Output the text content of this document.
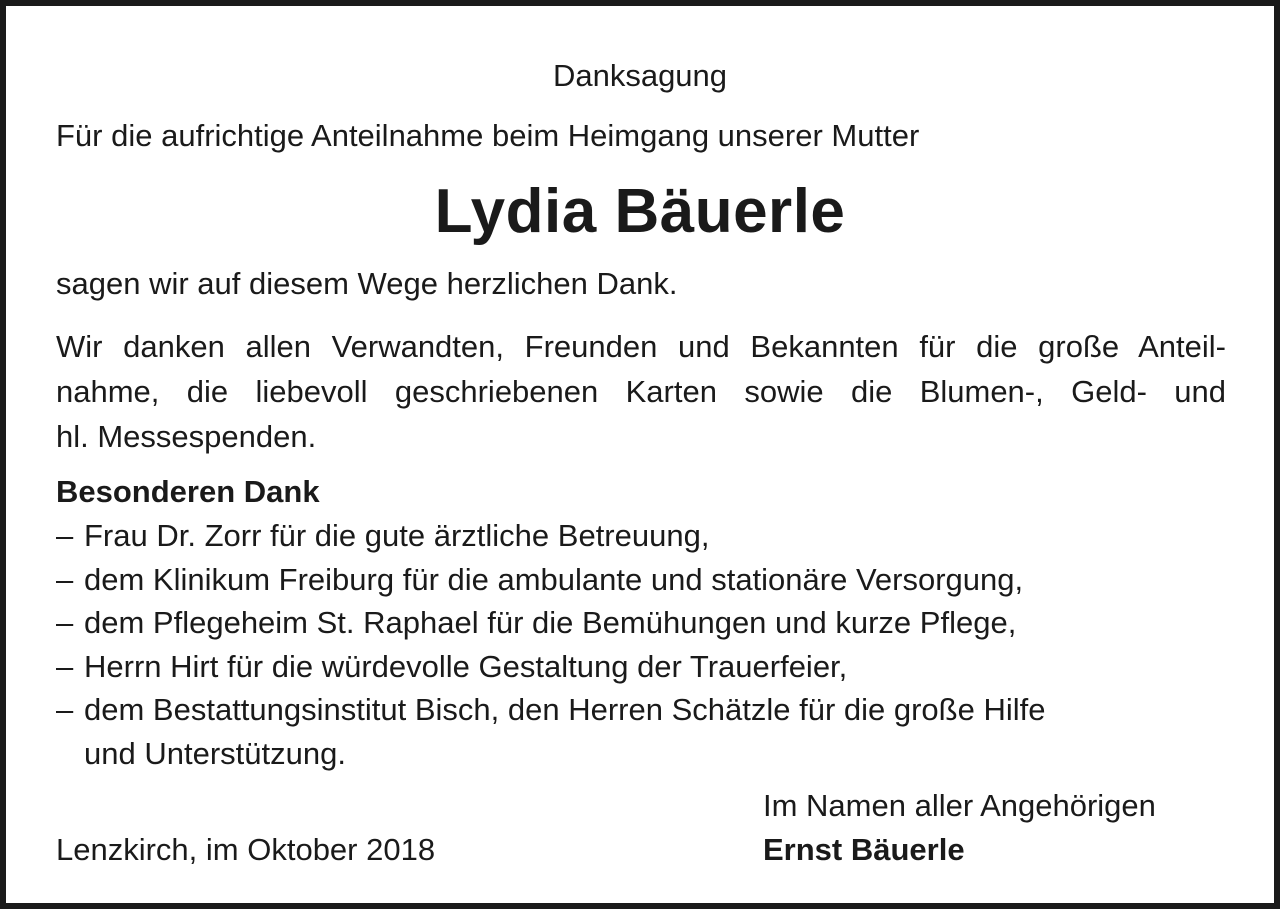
Danksagung

Für die aufrichtige Anteilnahme beim Heimgang unserer Mutter

Lydia Bäuerle

sagen wir auf diesem Wege herzlichen Dank.

Wir danken allen Verwandten, Freunden und Bekannten für die große Anteil-
nahme, die liebevoll geschriebenen Karten sowie die Blumen-, Geld- und
hl. Messespenden.

Besonderen Dank

– Frau Dr. Zorr für die gute ärztliche Betreuung,
– dem Klinikum Freiburg für die ambulante und stationäre Versorgung,
– dem Pflegeheim St. Raphael für die Bemühungen und kurze Pflege,
– Herrn Hirt für die würdevolle Gestaltung der Trauerfeier,
– dem Bestattungsinstitut Bisch, den Herren Schätzle für die große Hilfe
und Unterstützung.

Im Namen aller Angehörigen

Lenzkirch, im Oktober 2018	Ernst Bäuerle
